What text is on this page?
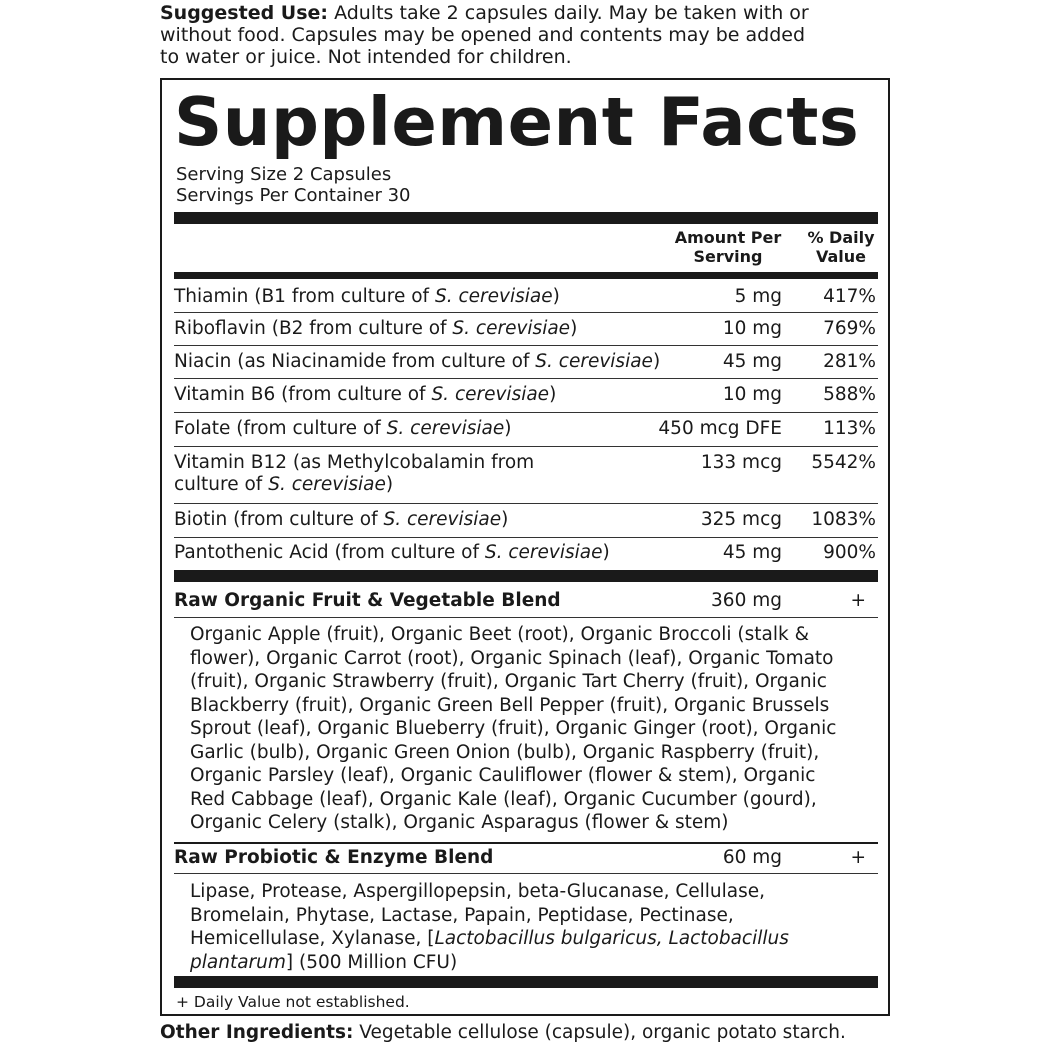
Suggested Use: Adults take 2 capsules daily. May be taken with or
without food. Capsules may be opened and contents may be added
to water or juice. Not intended for children.
Supplement Facts
Serving Size 2 Capsules
Servings Per Container 30
Amount Per
Serving
% Daily
Value
Thiamin (B1 from culture of S. cerevisiae)	5 mg 417%
Riboflavin (B2 from culture of S. cerevisiae)	10 mg 769%
Niacin (as Niacinamide from culture of S. cerevisiae)	45 mg 281%
Vitamin B6 (from culture of S. cerevisiae)	10 mg 588%
Folate (from culture of S. cerevisiae)	450 mcg DFE 113%
Vitamin B12 (as Methylcobalamin from
culture of S. cerevisiae)
133 mcg 5542%
Biotin (from culture of S. cerevisiae)	325 mcg 1083%
Pantothenic Acid (from culture of S. cerevisiae)	45 mg 900%
Raw Organic Fruit & Vegetable Blend	360 mg	+
Organic Apple (fruit), Organic Beet (root), Organic Broccoli (stalk &
flower), Organic Carrot (root), Organic Spinach (leaf), Organic Tomato
(fruit), Organic Strawberry (fruit), Organic Tart Cherry (fruit), Organic
Blackberry (fruit), Organic Green Bell Pepper (fruit), Organic Brussels
Sprout (leaf), Organic Blueberry (fruit), Organic Ginger (root), Organic
Garlic (bulb), Organic Green Onion (bulb), Organic Raspberry (fruit),
Organic Parsley (leaf), Organic Cauliflower (flower & stem), Organic
Red Cabbage (leaf), Organic Kale (leaf), Organic Cucumber (gourd),
Organic Celery (stalk), Organic Asparagus (flower & stem)
Raw Probiotic & Enzyme Blend	60 mg	+
Lipase, Protease, Aspergillopepsin, beta-Glucanase, Cellulase,
Bromelain, Phytase, Lactase, Papain, Peptidase, Pectinase,
Hemicellulase, Xylanase, [Lactobacillus bulgaricus, Lactobacillus
plantarum] (500 Million CFU)
+ Daily Value not established.
Other Ingredients: Vegetable cellulose (capsule), organic potato starch.
